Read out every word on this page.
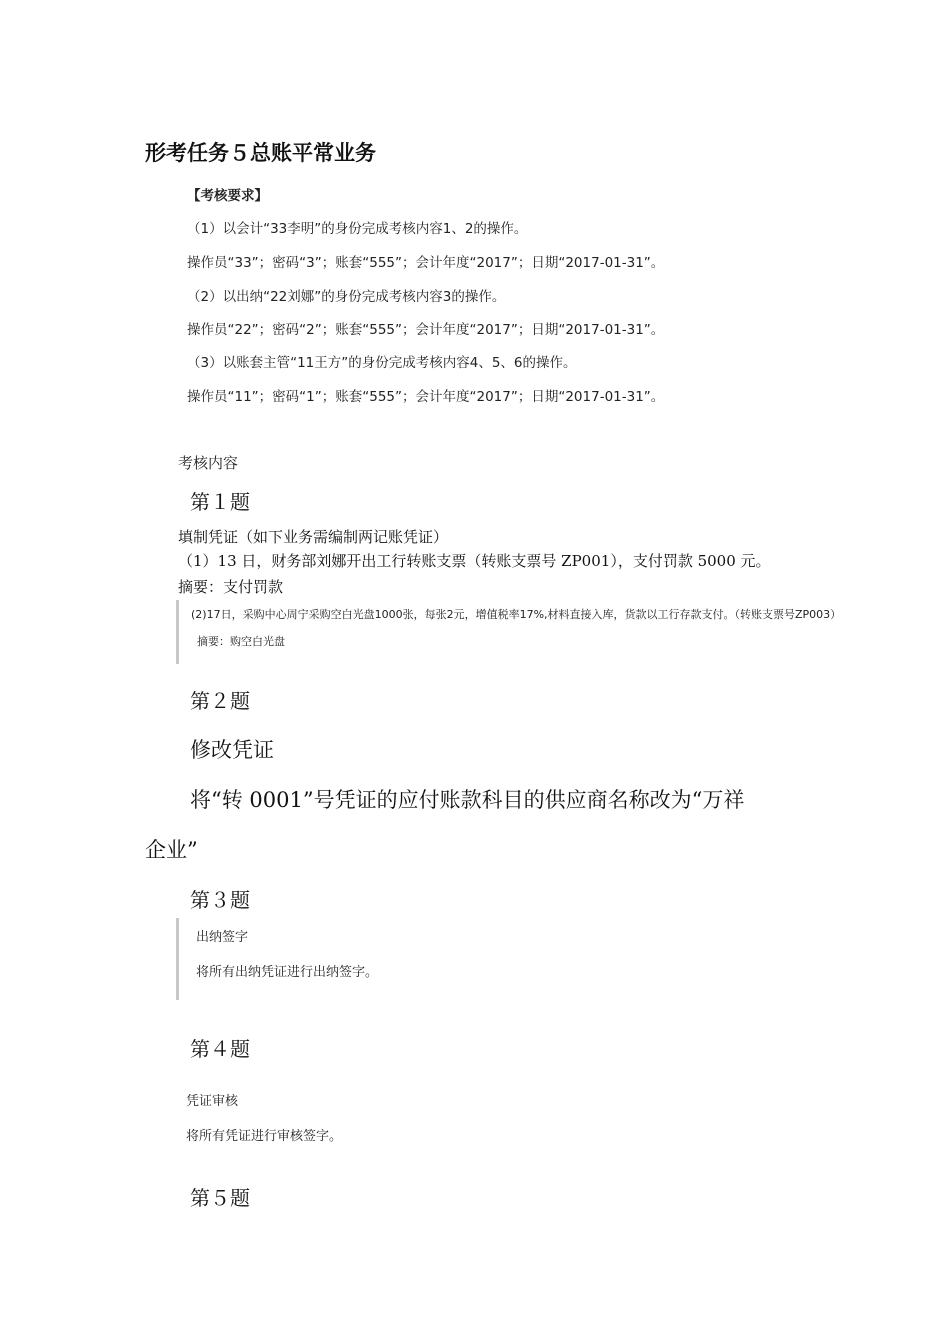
形考任务５总账平常业务
【考核要求】
（1）以会计“33李明”的身份完成考核内容1、2的操作。
操作员“33”；密码“3”；账套“555”；会计年度“2017”；日期“2017-01-31”。
（2）以出纳“22刘娜”的身份完成考核内容3的操作。
操作员“22”；密码“2”；账套“555”；会计年度“2017”；日期“2017-01-31”。
（3）以账套主管“11王方”的身份完成考核内容4、5、6的操作。
操作员“11”；密码“1”；账套“555”；会计年度“2017”；日期“2017-01-31”。
考核内容
第１题
填制凭证（如下业务需编制两记账凭证）
（1）13 日，财务部刘娜开出工行转账支票（转账支票号 ZP001），支付罚款 5000 元。
摘要：支付罚款
(2)17日，采购中心周宁采购空白光盘1000张，每张2元，增值税率17%,材料直接入库，货款以工行存款支付。（转账支票号ZP003）
摘要：购空白光盘
第２题
修改凭证
将“转 0001”号凭证的应付账款科目的供应商名称改为“万祥
企业”
第３题
出纳签字
将所有出纳凭证进行出纳签字。
第４题
凭证审核
将所有凭证进行审核签字。
第５题
